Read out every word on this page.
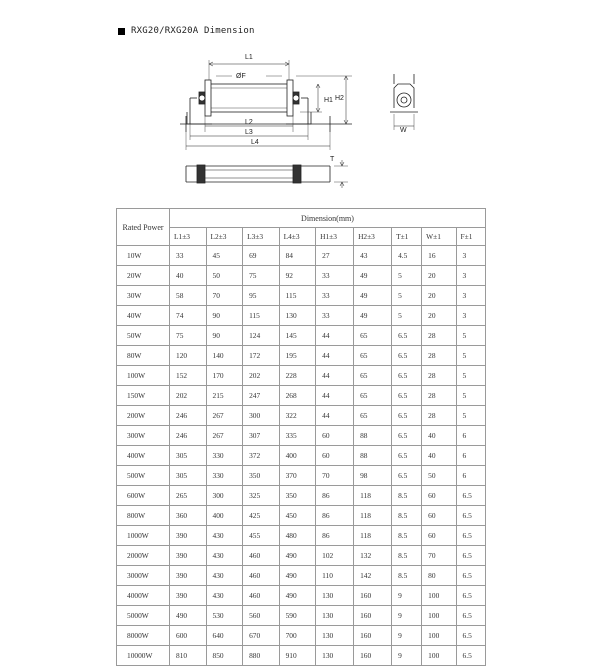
RXG20/RXG20A Dimension
L1
ØF
H1 H2
L2
L3
L4
W
T
Rated Power	Dimension(mm)								
	L1±3	L2±3	L3±3	L4±3	H1±3	H2±3	T±1	W±1	F±1
10W	33	45	69	84	27	43	4.5	16	3
20W	40	50	75	92	33	49	5	20	3
30W	58	70	95	115	33	49	5	20	3
40W	74	90	115	130	33	49	5	20	3
50W	75	90	124	145	44	65	6.5	28	5
80W	120	140	172	195	44	65	6.5	28	5
100W	152	170	202	228	44	65	6.5	28	5
150W	202	215	247	268	44	65	6.5	28	5
200W	246	267	300	322	44	65	6.5	28	5
300W	246	267	307	335	60	88	6.5	40	6
400W	305	330	372	400	60	88	6.5	40	6
500W	305	330	350	370	70	98	6.5	50	6
600W	265	300	325	350	86	118	8.5	60	6.5
800W	360	400	425	450	86	118	8.5	60	6.5
1000W	390	430	455	480	86	118	8.5	60	6.5
2000W	390	430	460	490	102	132	8.5	70	6.5
3000W	390	430	460	490	110	142	8.5	80	6.5
4000W	390	430	460	490	130	160	9	100	6.5
5000W	490	530	560	590	130	160	9	100	6.5
8000W	600	640	670	700	130	160	9	100	6.5
10000W	810	850	880	910	130	160	9	100	6.5
